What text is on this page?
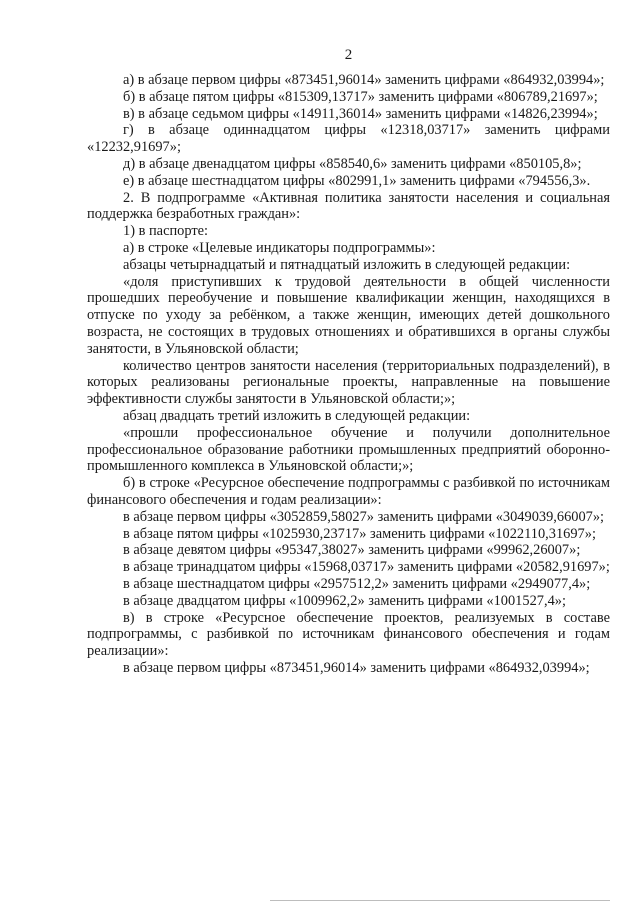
2

а) в абзаце первом цифры «873451,96014» заменить цифрами «864932,03994»;

б) в абзаце пятом цифры «815309,13717» заменить цифрами «806789,21697»;

в) в абзаце седьмом цифры «14911,36014» заменить цифрами «14826,23994»;

г) в абзаце одиннадцатом цифры «12318,03717» заменить цифрами «12232,91697»;

д) в абзаце двенадцатом цифры «858540,6» заменить цифрами «850105,8»;

е) в абзаце шестнадцатом цифры «802991,1» заменить цифрами «794556,3».

2. В подпрограмме «Активная политика занятости населения и социальная поддержка безработных граждан»:

1) в паспорте:

а) в строке «Целевые индикаторы подпрограммы»:

абзацы четырнадцатый и пятнадцатый изложить в следующей редакции:

«доля приступивших к трудовой деятельности в общей численности прошедших переобучение и повышение квалификации женщин, находящихся в отпуске по уходу за ребёнком, а также женщин, имеющих детей дошкольного возраста, не состоящих в трудовых отношениях и обратившихся в органы службы занятости, в Ульяновской области;

количество центров занятости населения (территориальных подразделений), в которых реализованы региональные проекты, направленные на повышение эффективности службы занятости в Ульяновской области;»;

абзац двадцать третий изложить в следующей редакции:

«прошли профессиональное обучение и получили дополнительное профессиональное образование работники промышленных предприятий оборонно-промышленного комплекса в Ульяновской области;»;

б) в строке «Ресурсное обеспечение подпрограммы с разбивкой по источникам финансового обеспечения и годам реализации»:

в абзаце первом цифры «3052859,58027» заменить цифрами «3049039,66007»;

в абзаце пятом цифры «1025930,23717» заменить цифрами «1022110,31697»;

в абзаце девятом цифры «95347,38027» заменить цифрами «99962,26007»;

в абзаце тринадцатом цифры «15968,03717» заменить цифрами «20582,91697»;

в абзаце шестнадцатом цифры «2957512,2» заменить цифрами «2949077,4»;

в абзаце двадцатом цифры «1009962,2» заменить цифрами «1001527,4»;

в) в строке «Ресурсное обеспечение проектов, реализуемых в составе подпрограммы, с разбивкой по источникам финансового обеспечения и годам реализации»:

в абзаце первом цифры «873451,96014» заменить цифрами «864932,03994»;
